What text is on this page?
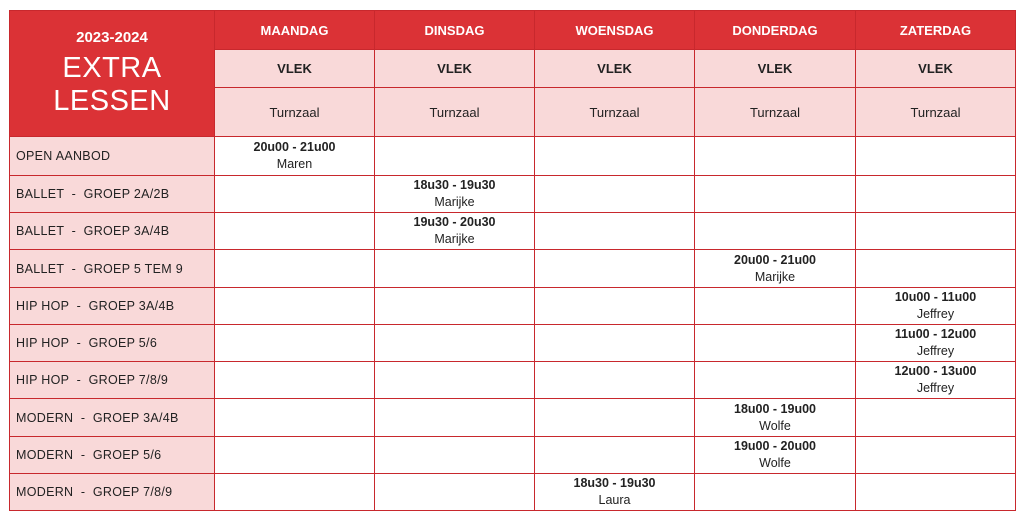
2023-2024
EXTRA LESSEN	MAANDAG	DINSDAG	WOENSDAG	DONDERDAG	ZATERDAG
	VLEK	VLEK	VLEK	VLEK	VLEK
	Turnzaal	Turnzaal	Turnzaal	Turnzaal	Turnzaal
OPEN AANBOD	20u00 - 21u00
Maren				

BALLET  -  GROEP 2A/2B		18u30 - 19u30
Marijke			

BALLET  -  GROEP 3A/4B		19u30 - 20u30
Marijke			

BALLET  -  GROEP 5 TEM 9				20u00 - 21u00
Marijke	

HIP HOP  -  GROEP 3A/4B					10u00 - 11u00
Jeffrey

HIP HOP  -  GROEP 5/6					11u00 - 12u00
Jeffrey

HIP HOP  -  GROEP 7/8/9					12u00 - 13u00
Jeffrey

MODERN  -  GROEP 3A/4B				18u00 - 19u00
Wolfe	

MODERN  -  GROEP 5/6				19u00 - 20u00
Wolfe	

MODERN  -  GROEP 7/8/9			18u30 - 19u30
Laura		
